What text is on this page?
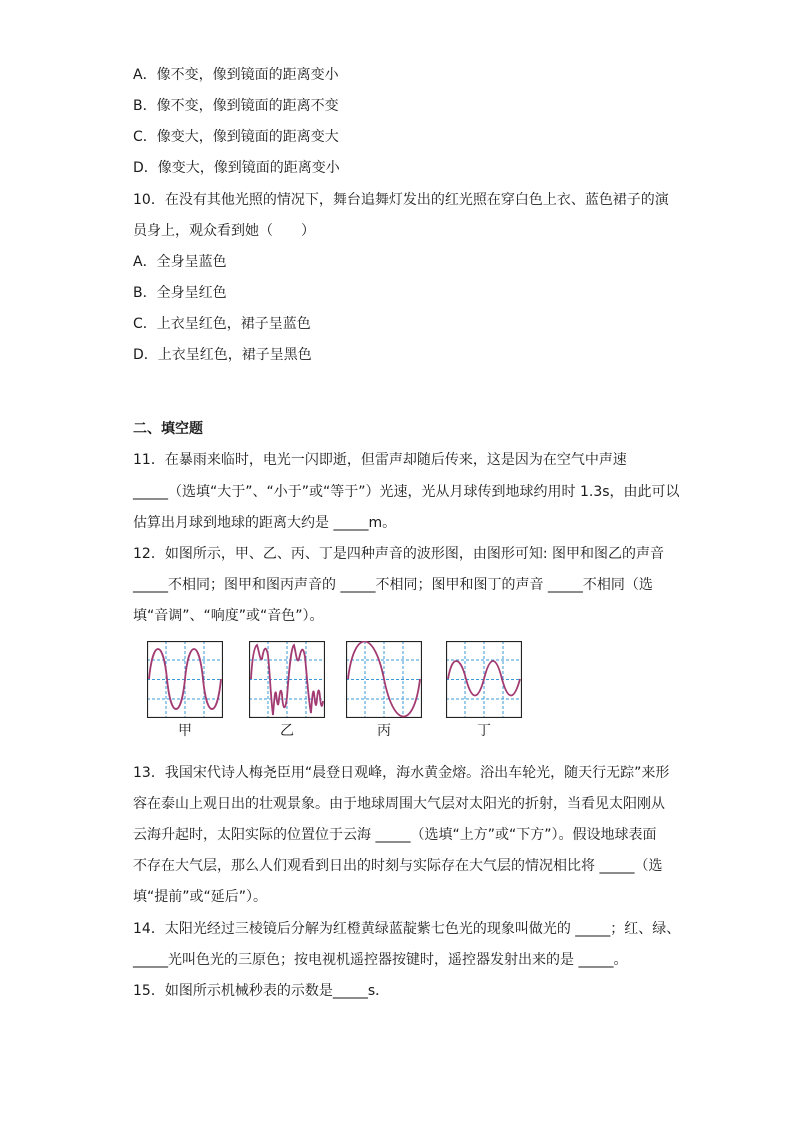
A．像不变，像到镜面的距离变小
B．像不变，像到镜面的距离不变
C．像变大，像到镜面的距离变大
D．像变大，像到镜面的距离变小
10．在没有其他光照的情况下，舞台追舞灯发出的红光照在穿白色上衣、蓝色裙子的演
员身上，观众看到她（　　）
A．全身呈蓝色
B．全身呈红色
C．上衣呈红色，裙子呈蓝色
D．上衣呈红色，裙子呈黑色
二、填空题
11．在暴雨来临时，电光一闪即逝，但雷声却随后传来，这是因为在空气中声速
_____（选填“大于”、“小于”或“等于”）光速，光从月球传到地球约用时 1.3s，由此可以
估算出月球到地球的距离大约是 _____m。
12．如图所示，甲、乙、丙、丁是四种声音的波形图，由图形可知: 图甲和图乙的声音
_____不相同；图甲和图丙声音的 _____不相同；图甲和图丁的声音 _____不相同（选
填“音调”、“响度”或“音色”）。
甲	乙	丙	丁
13．我国宋代诗人梅尧臣用“晨登日观峰，海水黄金熔。浴出车轮光，随天行无踪”来形
容在泰山上观日出的壮观景象。由于地球周围大气层对太阳光的折射，当看见太阳刚从
云海升起时，太阳实际的位置位于云海 _____（选填“上方”或“下方”）。假设地球表面
不存在大气层，那么人们观看到日出的时刻与实际存在大气层的情况相比将 _____（选
填“提前”或“延后”）。
14．太阳光经过三棱镜后分解为红橙黄绿蓝靛紫七色光的现象叫做光的 _____；红、绿、
_____光叫色光的三原色；按电视机遥控器按键时，遥控器发射出来的是 _____。
15．如图所示机械秒表的示数是_____s．
